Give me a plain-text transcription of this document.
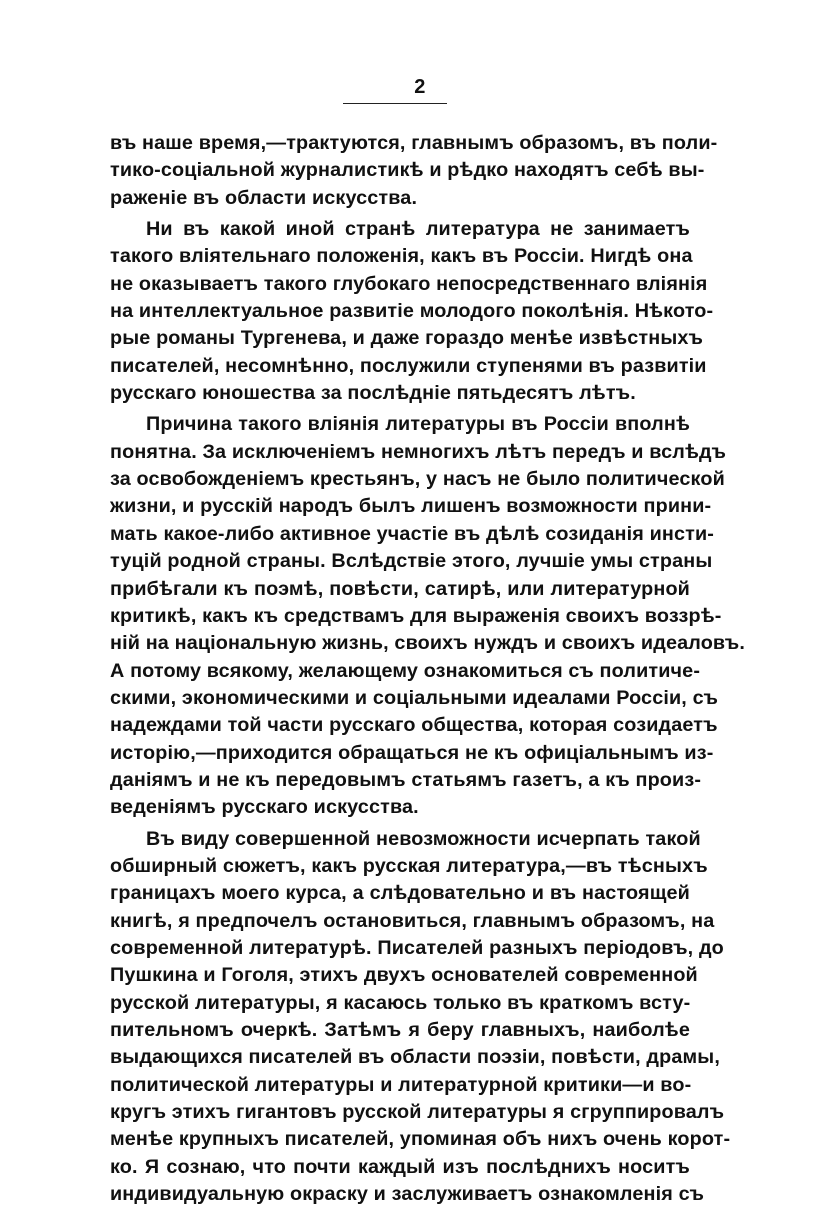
2
въ наше время,—трактуются, главнымъ образомъ, въ поли-
тико-соціальной журналистикѣ и рѣдко находятъ себѣ вы-
раженіе въ области искусства.
Ни въ какой иной странѣ литература не занимаетъ
такого вліятельнаго положенія, какъ въ Россіи. Нигдѣ она
не оказываетъ такого глубокаго непосредственнаго вліянія
на интеллектуальное развитіе молодого поколѣнія. Нѣкото-
рые романы Тургенева, и даже гораздо менѣе извѣстныхъ
писателей, несомнѣнно, послужили ступенями въ развитіи
русскаго юношества за послѣдніе пятьдесятъ лѣтъ.
Причина такого вліянія литературы въ Россіи вполнѣ
понятна. За исключеніемъ немногихъ лѣтъ передъ и вслѣдъ
за освобожденіемъ крестьянъ, у насъ не было политической
жизни, и русскій народъ былъ лишенъ возможности прини-
мать какое-либо активное участіе въ дѣлѣ созиданія инсти-
туцій родной страны. Вслѣдствіе этого, лучшіе умы страны
прибѣгали къ поэмѣ, повѣсти, сатирѣ, или литературной
критикѣ, какъ къ средствамъ для выраженія своихъ воззрѣ-
ній на національную жизнь, своихъ нуждъ и своихъ идеаловъ.
А потому всякому, желающему ознакомиться съ политиче-
скими, экономическими и соціальными идеалами Россіи, съ
надеждами той части русскаго общества, которая созидаетъ
исторію,—приходится обращаться не къ офиціальнымъ из-
даніямъ и не къ передовымъ статьямъ газетъ, а къ произ-
веденіямъ русскаго искусства.
Въ виду совершенной невозможности исчерпать такой
обширный сюжетъ, какъ русская литература,—въ тѣсныхъ
границахъ моего курса, а слѣдовательно и въ настоящей
книгѣ, я предпочелъ остановиться, главнымъ образомъ, на
современной литературѣ. Писателей разныхъ періодовъ, до
Пушкина и Гоголя, этихъ двухъ основателей современной
русской литературы, я касаюсь только въ краткомъ всту-
пительномъ очеркѣ. Затѣмъ я беру главныхъ, наиболѣе
выдающихся писателей въ области поэзіи, повѣсти, драмы,
политической литературы и литературной критики—и во-
кругъ этихъ гигантовъ русской литературы я сгруппировалъ
менѣе крупныхъ писателей, упоминая объ нихъ очень корот-
ко. Я сознаю, что почти каждый изъ послѣднихъ носитъ
индивидуальную окраску и заслуживаетъ ознакомленія съ
